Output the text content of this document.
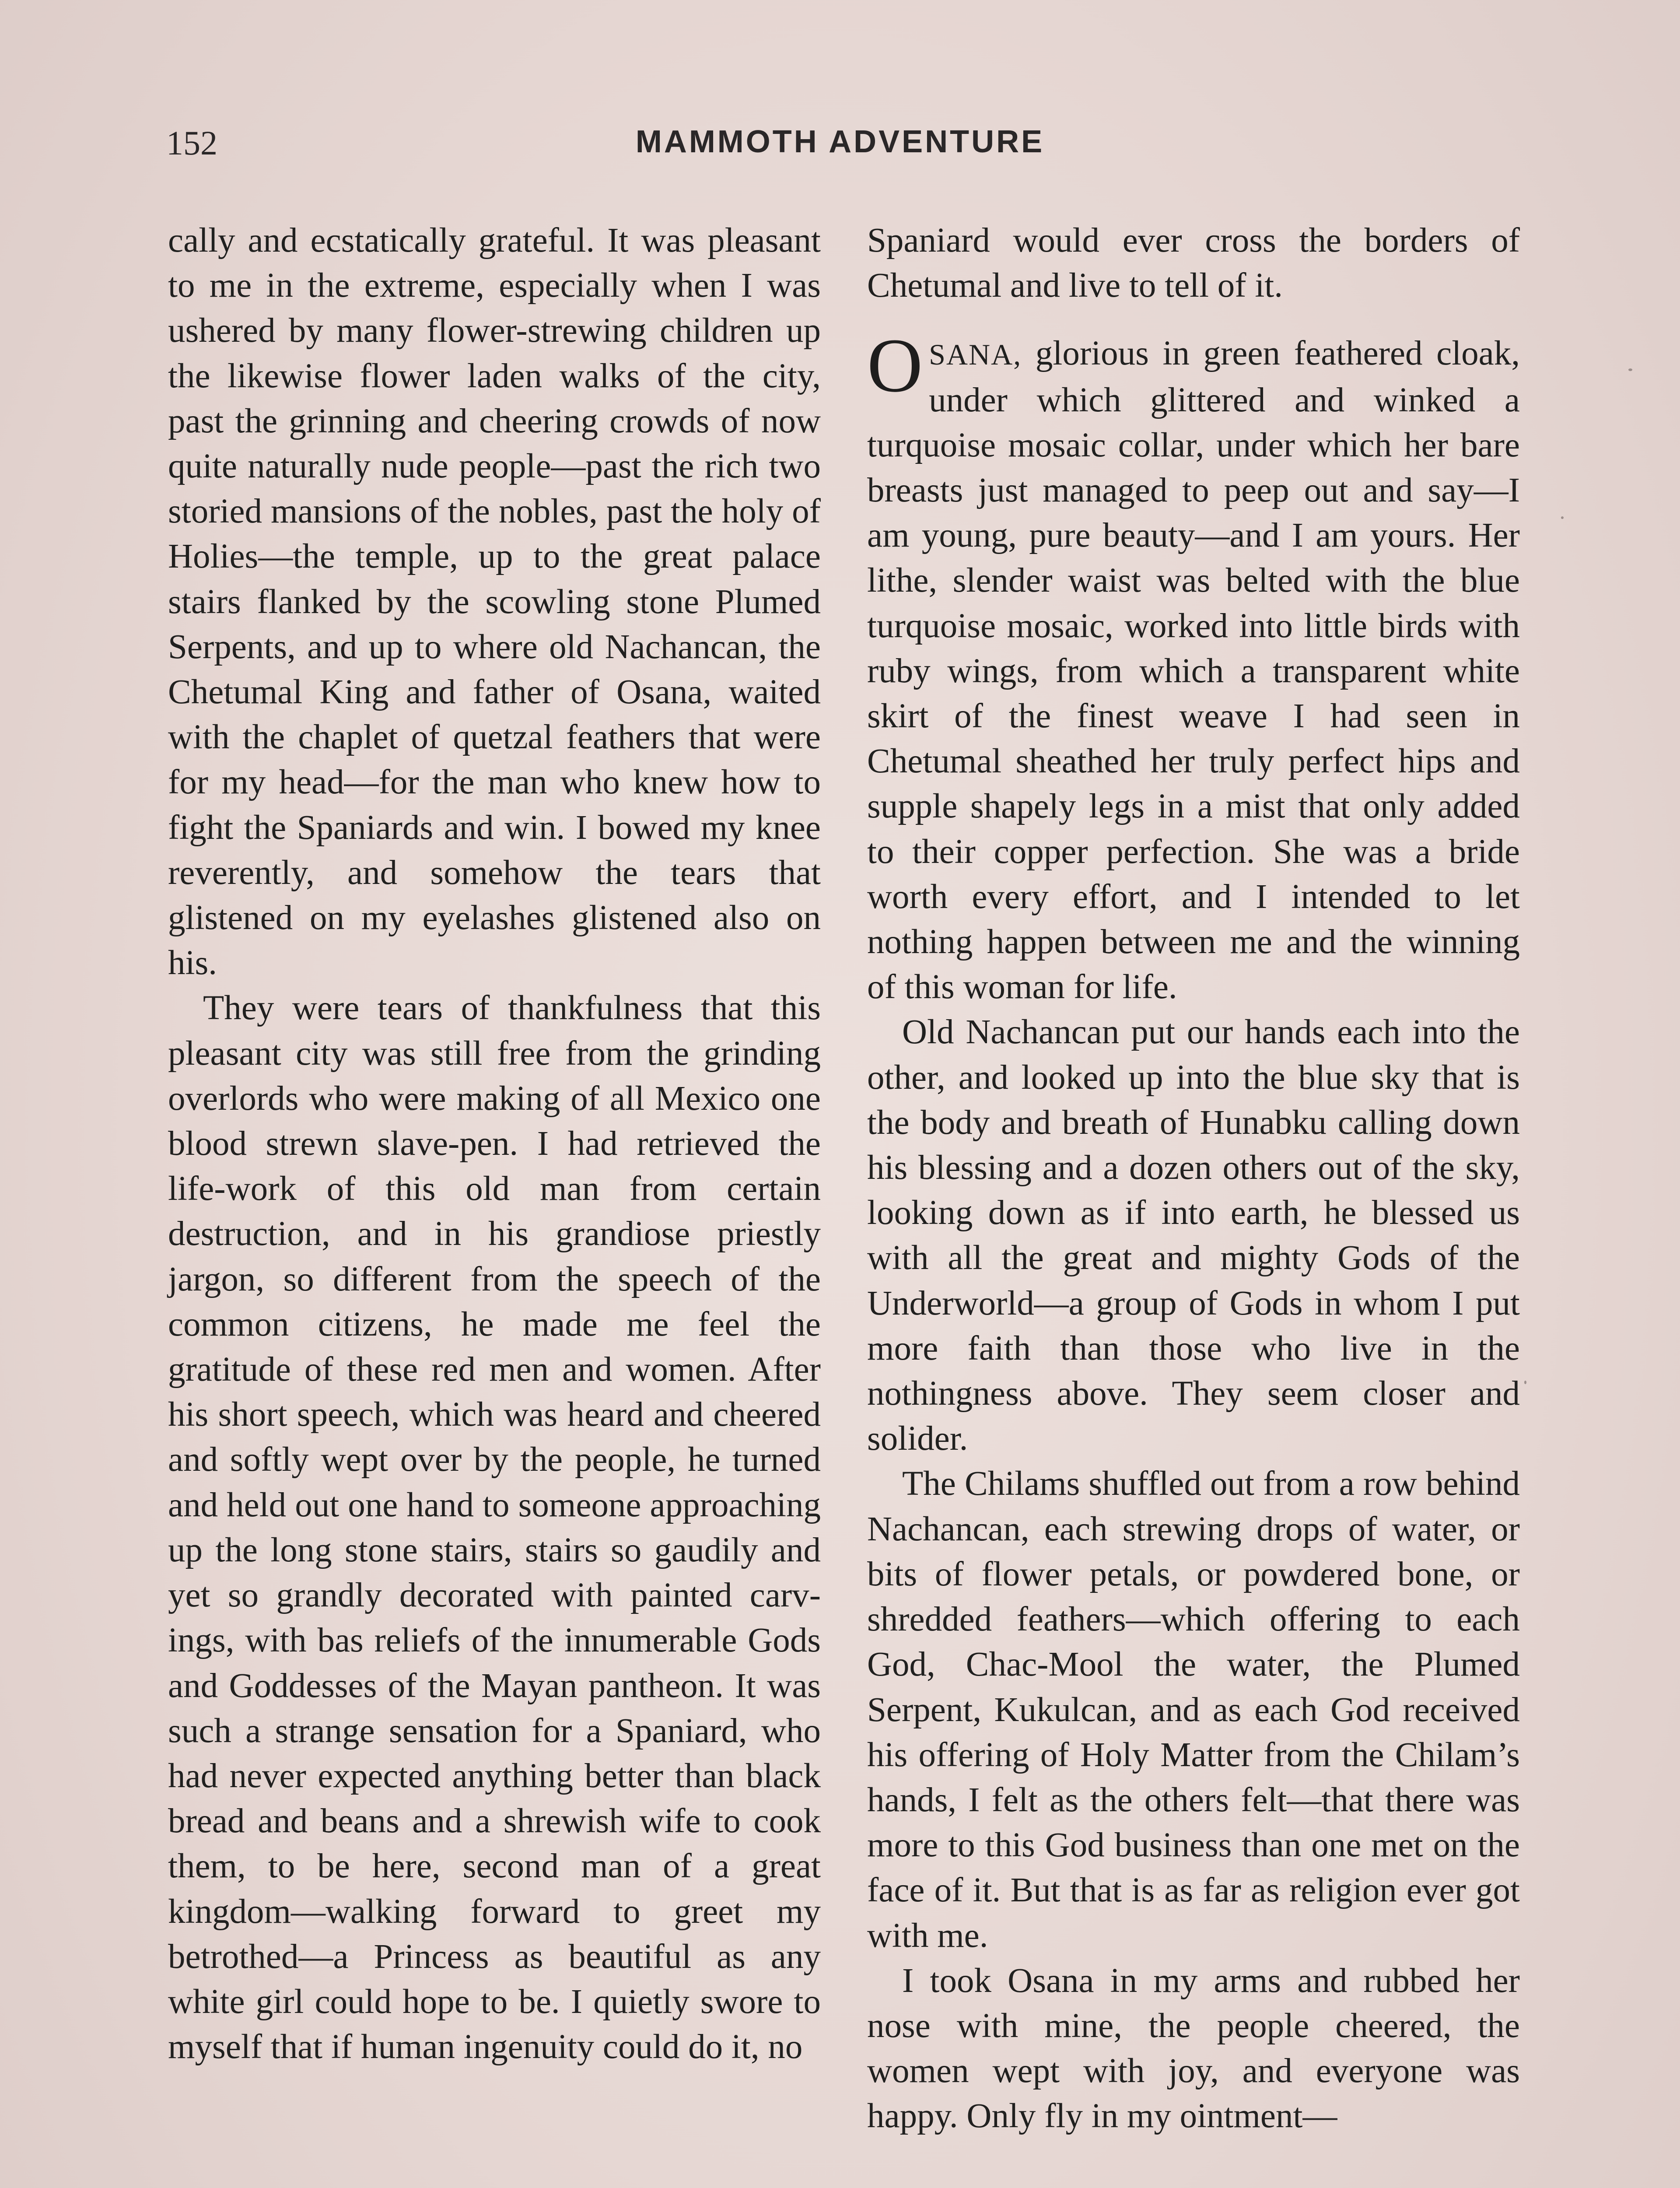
152	MAMMOTH ADVENTURE

cally and ecstatically grateful. It was pleasant to me in the extreme, especially when I was ushered by many flower-strewing children up the likewise flower laden walks of the city, past the grinning and cheering crowds of now quite naturally nude people—past the rich two storied mansions of the nobles, past the holy of Holies—the temple, up to the great palace stairs flanked by the scowling stone Plumed Serpents, and up to where old Nachancan, the Chetumal King and father of Osana, waited with the chaplet of quetzal feathers that were for my head—for the man who knew how to fight the Spaniards and win. I bowed my knee reverently, and somehow the tears that glistened on my eyelashes glistened also on his.

They were tears of thankfulness that this pleasant city was still free from the grinding overlords who were making of all Mexico one blood strewn slave-pen. I had retrieved the life-work of this old man from certain destruction, and in his grandiose priestly jargon, so different from the speech of the common citizens, he made me feel the gratitude of these red men and women. After his short speech, which was heard and cheered and softly wept over by the people, he turned and held out one hand to someone approaching up the long stone stairs, stairs so gaudily and yet so grandly decorated with painted carvings, with bas reliefs of the innumerable Gods and Goddesses of the Mayan pantheon. It was such a strange sensation for a Spaniard, who had never expected anything better than black bread and beans and a shrewish wife to cook them, to be here, second man of a great kingdom—walking forward to greet my betrothed—a Princess as beautiful as any white girl could hope to be. I quietly swore to myself that if human ingenuity could do it, no

Spaniard would ever cross the borders of Chetumal and live to tell of it.

OSANA, glorious in green feathered cloak, under which glittered and winked a turquoise mosaic collar, under which her bare breasts just managed to peep out and say—I am young, pure beauty—and I am yours. Her lithe, slender waist was belted with the blue turquoise mosaic, worked into little birds with ruby wings, from which a transparent white skirt of the finest weave I had seen in Chetumal sheathed her truly perfect hips and supple shapely legs in a mist that only added to their copper perfection. She was a bride worth every effort, and I intended to let nothing happen between me and the winning of this woman for life.

Old Nachancan put our hands each into the other, and looked up into the blue sky that is the body and breath of Hunabku calling down his blessing and a dozen others out of the sky, looking down as if into earth, he blessed us with all the great and mighty Gods of the Underworld—a group of Gods in whom I put more faith than those who live in the nothingness above. They seem closer and solider.

The Chilams shuffled out from a row behind Nachancan, each strewing drops of water, or bits of flower petals, or powdered bone, or shredded feathers—which offering to each God, Chac-Mool the water, the Plumed Serpent, Kukulcan, and as each God received his offering of Holy Matter from the Chilam’s hands, I felt as the others felt—that there was more to this God business than one met on the face of it. But that is as far as religion ever got with me.

I took Osana in my arms and rubbed her nose with mine, the people cheered, the women wept with joy, and everyone was happy. Only fly in my ointment—
